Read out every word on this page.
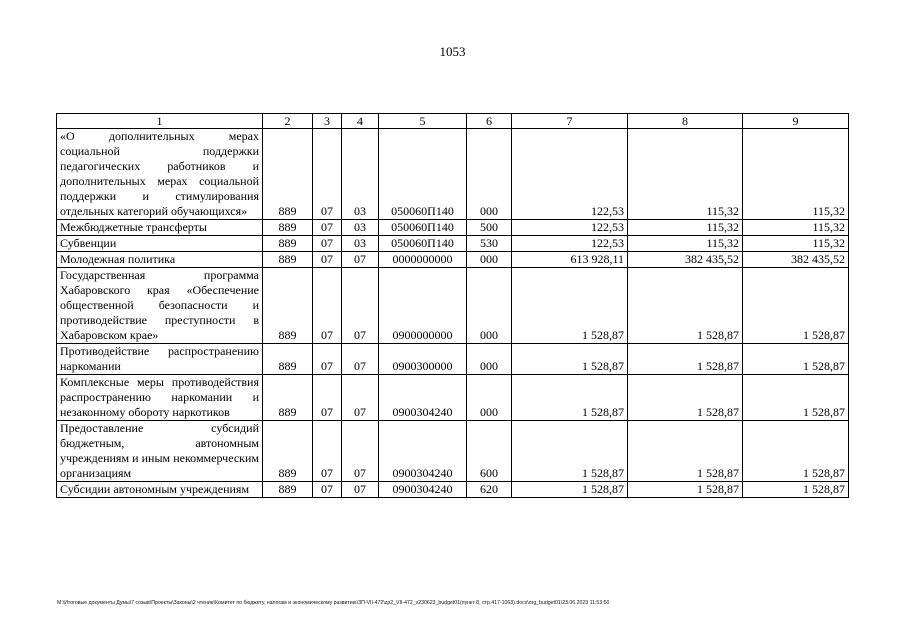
1053
1	2	3	4	5	6	7	8	9
«О дополнительных мерах социальной поддержки педагогических работников и дополнительных мерах социальной поддержки и стимулирования отдельных категорий обучающихся»	889	07	03	050060П140	000	122,53	115,32	115,32
Межбюджетные трансферты	889	07	03	050060П140	500	122,53	115,32	115,32
Субвенции	889	07	03	050060П140	530	122,53	115,32	115,32
Молодежная политика	889	07	07	0000000000	000	613 928,11	382 435,52	382 435,52
Государственная программа Хабаровского края «Обеспечение общественной безопасности и противодействие преступности в Хабаровском крае»	889	07	07	0900000000	000	1 528,87	1 528,87	1 528,87
Противодействие распространению наркомании	889	07	07	0900300000	000	1 528,87	1 528,87	1 528,87
Комплексные меры противодействия распространению наркомании и незаконному обороту наркотиков	889	07	07	0900304240	000	1 528,87	1 528,87	1 528,87
Предоставление субсидий бюджетным, автономным учреждениям и иным некоммерческим организациям	889	07	07	0900304240	600	1 528,87	1 528,87	1 528,87
Субсидии автономным учреждениям	889	07	07	0900304240	620	1 528,87	1 528,87	1 528,87
M:\Итоговые документы Думы\7 созыв\Проекты\Законы\2 чтение\Комитет по бюджету, налогам и экономическому развитию\ЗП-VII-472\zp2_VII-472_v230623_budget01(пункт 8, стр.417-1063).docx\org_budget01\23.06.2023 11:53:50
